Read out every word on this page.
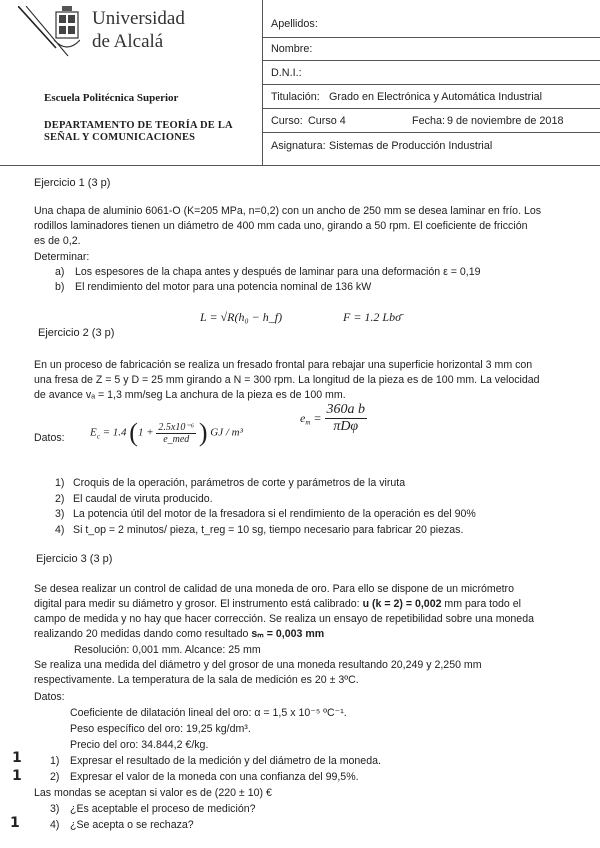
Universidad
de Alcalá
Escuela Politécnica Superior
DEPARTAMENTO DE TEORÍA DE LA
SEÑAL Y COMUNICACIONES
Apellidos:
Nombre:
D.N.I.:
Titulación: Grado en Electrónica y Automática Industrial
Curso: Curso 4	Fecha: 9 de noviembre de 2018
Asignatura: Sistemas de Producción Industrial
Ejercicio 1 (3 p)
Una chapa de aluminio 6061-O (K=205 MPa, n=0,2) con un ancho de 250 mm se desea laminar en frío. Los
rodillos laminadores tienen un diámetro de 400 mm cada uno, girando a 50 rpm. El coeficiente de fricción
es de 0,2.
Determinar:
a) Los espesores de la chapa antes y después de laminar para una deformación ε = 0,19
b) El rendimiento del motor para una potencia nominal de 136 kW
L = √R(h₀ − h_f)	F = 1.2 Lbσ̄
Ejercicio 2 (3 p)
En un proceso de fabricación se realiza un fresado frontal para rebajar una superficie horizontal 3 mm con
una fresa de Z = 5 y D = 25 mm girando a N = 300 rpm. La longitud de la pieza es de 100 mm. La velocidad
de avance vₐ = 1,3 mm/seg La anchura de la pieza es de 100 mm.
Datos: $E_c = 1.4$ ($1 + \frac{\text{2.5x10⁻⁶}}{\text{e\_med}}$ ) GJ / m³
$e_m = \frac{\text{360a b}}{\text{πDφ}}$
1) Croquis de la operación, parámetros de corte y parámetros de la viruta
2) El caudal de viruta producido.
3) La potencia útil del motor de la fresadora si el rendimiento de la operación es del 90%
4) Si t_op = 2 minutos/ pieza, t_reg = 10 sg, tiempo necesario para fabricar 20 piezas.
Ejercicio 3 (3 p)
Se desea realizar un control de calidad de una moneda de oro. Para ello se dispone de un micrómetro
digital para medir su diámetro y grosor. El instrumento está calibrado: u (k = 2) = 0,002 mm para todo el
campo de medida y no hay que hacer corrección. Se realiza un ensayo de repetibilidad sobre una moneda
realizando 20 medidas dando como resultado sₘ = 0,003 mm
Resolución: 0,001 mm. Alcance: 25 mm
Se realiza una medida del diámetro y del grosor de una moneda resultando 20,249 y 2,250 mm
respectivamente. La temperatura de la sala de medición es 20 ± 3ºC.
Datos:
Coeficiente de dilatación lineal del oro: α = 1,5 x 10⁻⁵ ºC⁻¹.
Peso específico del oro: 19,25 kg/dm³.
Precio del oro: 34.844,2 €/kg.
1	1) Expresar el resultado de la medición y del diámetro de la moneda.
1	2) Expresar el valor de la moneda con una confianza del 99,5%.
Las mondas se aceptan si valor es de (220 ± 10) €
3) ¿Es aceptable el proceso de medición?
1	4) ¿Se acepta o se rechaza?
